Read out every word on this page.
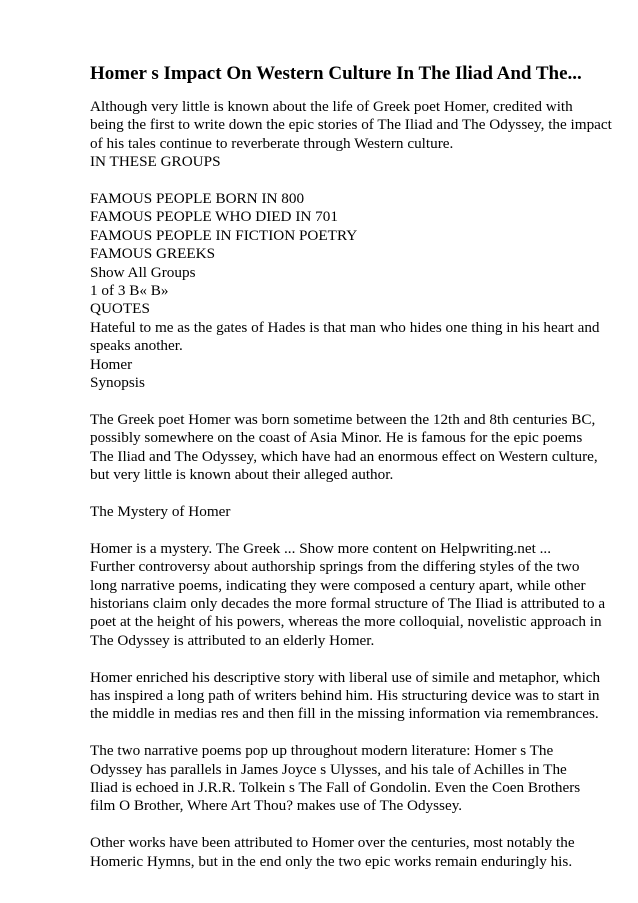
Homer s Impact On Western Culture In The Iliad And The...
Although very little is known about the life of Greek poet Homer, credited with
being the first to write down the epic stories of The Iliad and The Odyssey, the impact
of his tales continue to reverberate through Western culture.
IN THESE GROUPS
FAMOUS PEOPLE BORN IN 800
FAMOUS PEOPLE WHO DIED IN 701
FAMOUS PEOPLE IN FICTION POETRY
FAMOUS GREEKS
Show All Groups
1 of 3 B« B»
QUOTES
Hateful to me as the gates of Hades is that man who hides one thing in his heart and
speaks another.
Homer
Synopsis
The Greek poet Homer was born sometime between the 12th and 8th centuries BC,
possibly somewhere on the coast of Asia Minor. He is famous for the epic poems
The Iliad and The Odyssey, which have had an enormous effect on Western culture,
but very little is known about their alleged author.
The Mystery of Homer
Homer is a mystery. The Greek ... Show more content on Helpwriting.net ...
Further controversy about authorship springs from the differing styles of the two
long narrative poems, indicating they were composed a century apart, while other
historians claim only decades the more formal structure of The Iliad is attributed to a
poet at the height of his powers, whereas the more colloquial, novelistic approach in
The Odyssey is attributed to an elderly Homer.
Homer enriched his descriptive story with liberal use of simile and metaphor, which
has inspired a long path of writers behind him. His structuring device was to start in
the middle in medias res and then fill in the missing information via remembrances.
The two narrative poems pop up throughout modern literature: Homer s The
Odyssey has parallels in James Joyce s Ulysses, and his tale of Achilles in The
Iliad is echoed in J.R.R. Tolkein s The Fall of Gondolin. Even the Coen Brothers
film O Brother, Where Art Thou? makes use of The Odyssey.
Other works have been attributed to Homer over the centuries, most notably the
Homeric Hymns, but in the end only the two epic works remain enduringly his.
